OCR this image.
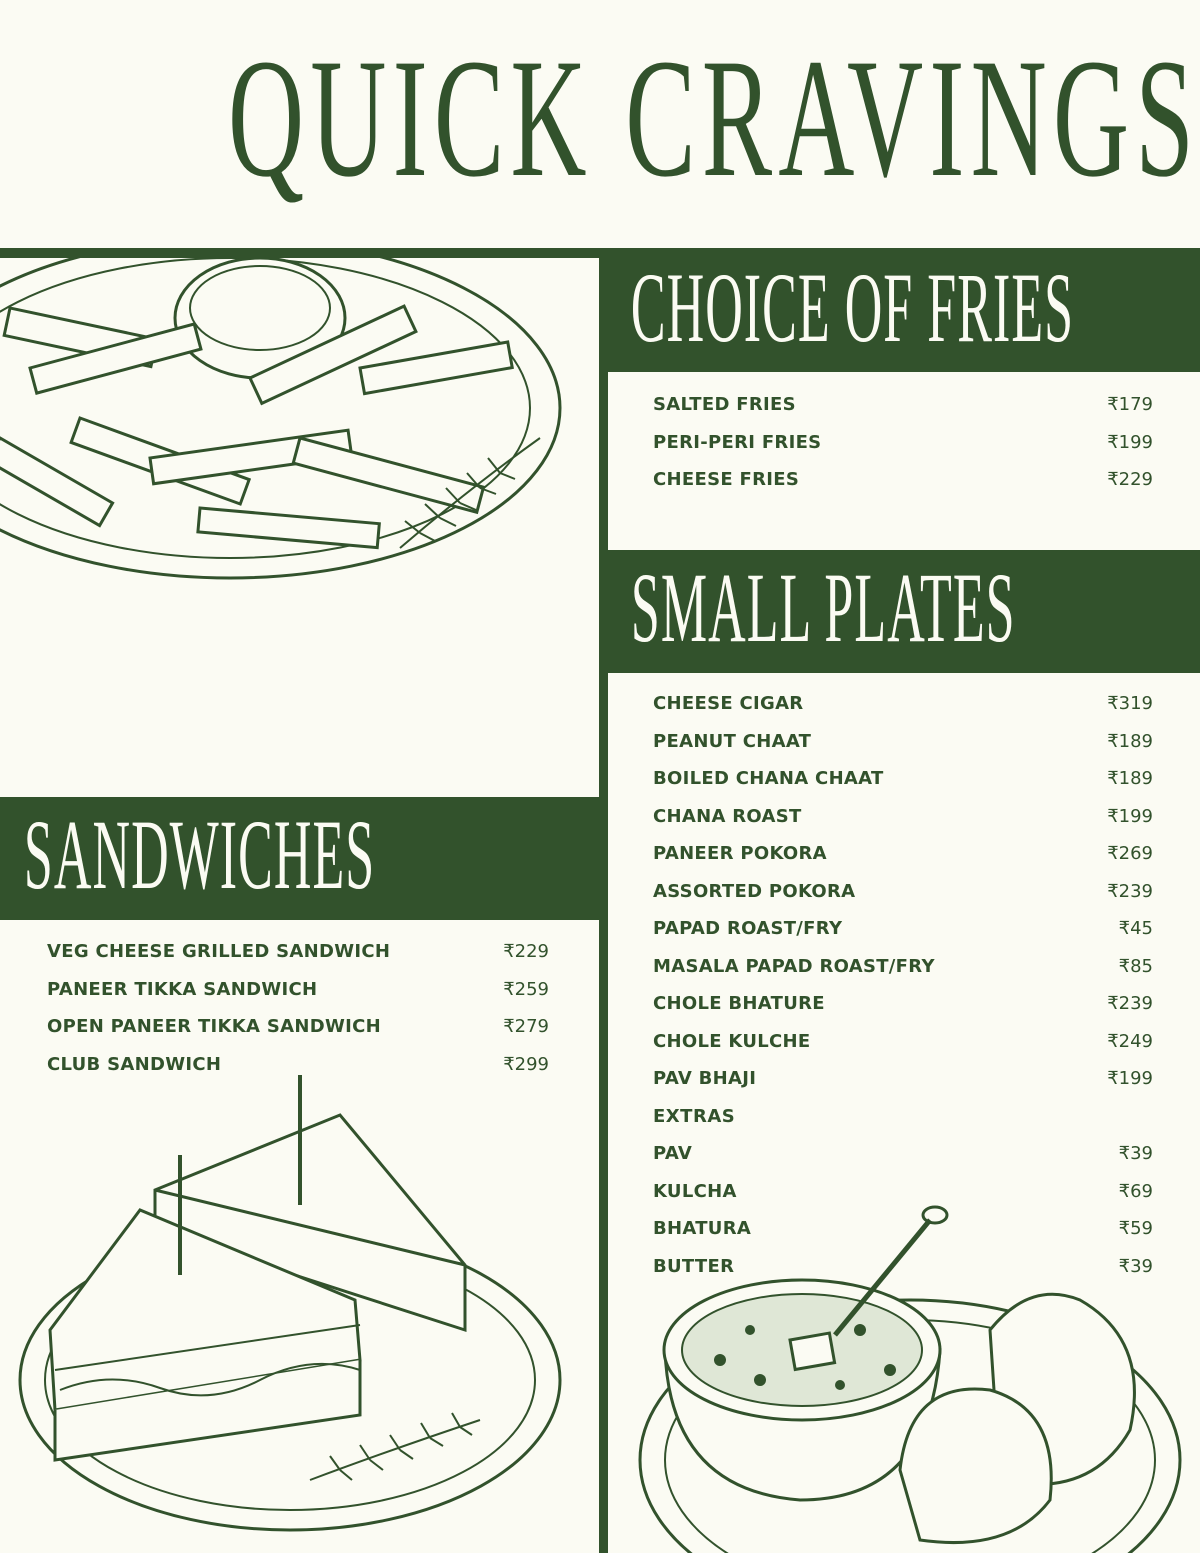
QUICK CRAVINGS
CHOICE OF FRIES
SALTED FRIES	₹179
PERI-PERI FRIES	₹199
CHEESE FRIES	₹229
SMALL PLATES
CHEESE CIGAR	₹319
PEANUT CHAAT	₹189
BOILED CHANA CHAAT	₹189
CHANA ROAST	₹199
PANEER POKORA	₹269
ASSORTED POKORA	₹239
PAPAD ROAST/FRY	₹45
MASALA PAPAD ROAST/FRY	₹85
CHOLE BHATURE	₹239
CHOLE KULCHE	₹249
PAV BHAJI	₹199
EXTRAS
PAV	₹39
KULCHA	₹69
BHATURA	₹59
BUTTER	₹39
SANDWICHES
VEG CHEESE GRILLED SANDWICH	₹229
PANEER TIKKA SANDWICH	₹259
OPEN PANEER TIKKA SANDWICH	₹279
CLUB SANDWICH	₹299
